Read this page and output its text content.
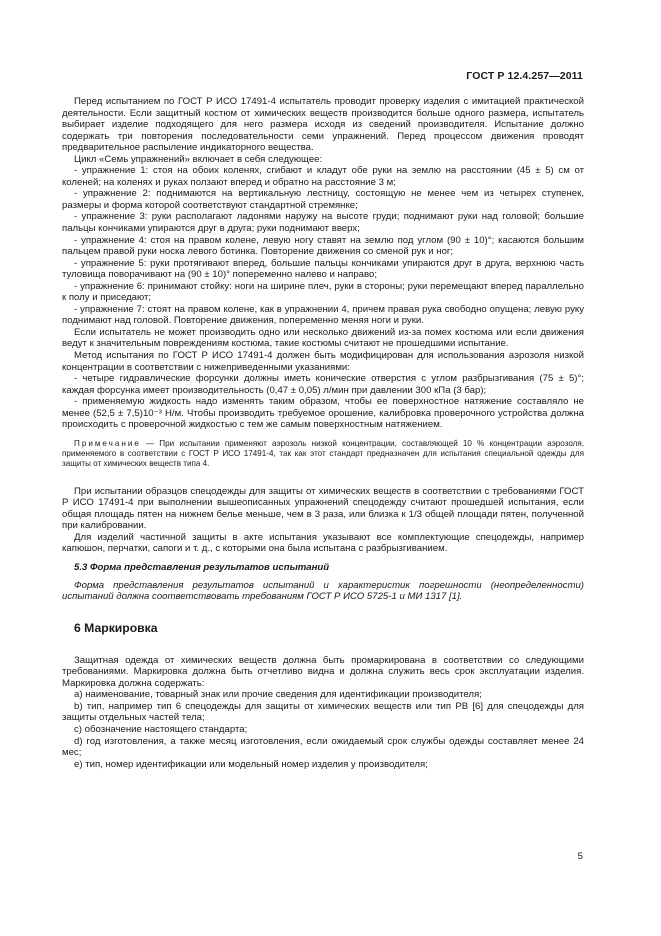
ГОСТ Р 12.4.257—2011

Перед испытанием по ГОСТ Р ИСО 17491-4 испытатель проводит проверку изделия с имитацией практической деятельности. Если защитный костюм от химических веществ производится больше одного размера, испытатель выбирает изделие подходящего для него размера исходя из сведений производителя. Испытание должно содержать три повторения последовательности семи упражнений. Перед процессом движения проводят предварительное распыление индикаторного вещества.

Цикл «Семь упражнений» включает в себя следующее:

- упражнение 1: стоя на обоих коленях, сгибают и кладут обе руки на землю на расстоянии (45 ± 5) см от коленей; на коленях и руках ползают вперед и обратно на расстояние 3 м;

- упражнение 2: поднимаются на вертикальную лестницу, состоящую не менее чем из четырех ступенек, размеры и форма которой соответствуют стандартной стремянке;

- упражнение 3: руки располагают ладонями наружу на высоте груди; поднимают руки над головой; большие пальцы кончиками упираются друг в друга; руки поднимают вверх;

- упражнение 4: стоя на правом колене, левую ногу ставят на землю под углом (90 ± 10)°; касаются большим пальцем правой руки носка левого ботинка. Повторение движения со сменой рук и ног;

- упражнение 5: руки протягивают вперед, большие пальцы кончиками упираются друг в друга, верхнюю часть туловища поворачивают на (90 ± 10)° попеременно налево и направо;

- упражнение 6: принимают стойку: ноги на ширине плеч, руки в стороны; руки перемещают вперед параллельно к полу и приседают;

- упражнение 7: стоят на правом колене, как в упражнении 4, причем правая рука свободно опущена; левую руку поднимают над головой. Повторение движения, попеременно меняя ноги и руки.

Если испытатель не может производить одно или несколько движений из-за помех костюма или если движения ведут к значительным повреждениям костюма, такие костюмы считают не прошедшими испытание.

Метод испытания по ГОСТ Р ИСО 17491-4 должен быть модифицирован для использования аэрозоля низкой концентрации в соответствии с нижеприведенными указаниями:

- четыре гидравлические форсунки должны иметь конические отверстия с углом разбрызгивания (75 ± 5)°; каждая форсунка имеет производительность (0,47 ± 0,05) л/мин при давлении 300 кПа (3 бар);

- применяемую жидкость надо изменять таким образом, чтобы ее поверхностное натяжение составляло не менее (52,5 ± 7,5)10⁻³ Н/м. Чтобы производить требуемое орошение, калибровка проверочного устройства должна происходить с проверочной жидкостью с тем же самым поверхностным натяжением.

Примечание — При испытании применяют аэрозоль низкой концентрации, составляющей 10 % концентрации аэрозоля, применяемого в соответствии с ГОСТ Р ИСО 17491-4, так как этот стандарт предназначен для испытания специальной одежды для защиты от химических веществ типа 4.

При испытании образцов спецодежды для защиты от химических веществ в соответствии с требованиями ГОСТ Р ИСО 17491-4 при выполнении вышеописанных упражнений спецодежду считают прошедшей испытания, если общая площадь пятен на нижнем белье меньше, чем в 3 раза, или близка к 1/3 общей площади пятен, полученной при калибровании.

Для изделий частичной защиты в акте испытания указывают все комплектующие спецодежды, например капюшон, перчатки, сапоги и т. д., с которыми она была испытана с разбрызгиванием.

5.3 Форма представления результатов испытаний

Форма представления результатов испытаний и характеристик погрешности (неопределенности) испытаний должна соответствовать требованиям ГОСТ Р ИСО 5725-1 и МИ 1317 [1].

6 Маркировка

Защитная одежда от химических веществ должна быть промаркирована в соответствии со следующими требованиями. Маркировка должна быть отчетливо видна и должна служить весь срок эксплуатации изделия. Маркировка должна содержать:

a) наименование, товарный знак или прочие сведения для идентификации производителя;

b) тип, например тип 6 спецодежды для защиты от химических веществ или тип PB [6] для спецодежды для защиты отдельных частей тела;

c) обозначение настоящего стандарта;

d) год изготовления, а также месяц изготовления, если ожидаемый срок службы одежды составляет менее 24 мес;

e) тип, номер идентификации или модельный номер изделия у производителя;

5
